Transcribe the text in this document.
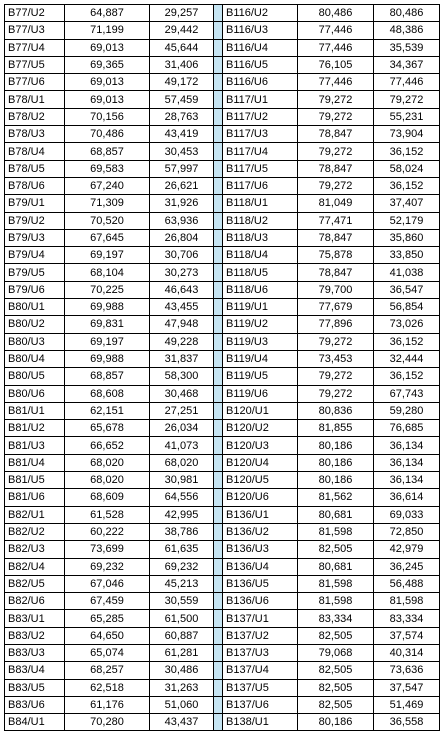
B77/U2	64,887	29,257		B116/U2	80,486	80,486
B77/U3	71,199	29,442		B116/U3	77,446	48,386
B77/U4	69,013	45,644		B116/U4	77,446	35,539
B77/U5	69,365	31,406		B116/U5	76,105	34,367
B77/U6	69,013	49,172		B116/U6	77,446	77,446
B78/U1	69,013	57,459		B117/U1	79,272	79,272
B78/U2	70,156	28,763		B117/U2	79,272	55,231
B78/U3	70,486	43,419		B117/U3	78,847	73,904
B78/U4	68,857	30,453		B117/U4	79,272	36,152
B78/U5	69,583	57,997		B117/U5	78,847	58,024
B78/U6	67,240	26,621		B117/U6	79,272	36,152
B79/U1	71,309	31,926		B118/U1	81,049	37,407
B79/U2	70,520	63,936		B118/U2	77,471	52,179
B79/U3	67,645	26,804		B118/U3	78,847	35,860
B79/U4	69,197	30,706		B118/U4	75,878	33,850
B79/U5	68,104	30,273		B118/U5	78,847	41,038
B79/U6	70,225	46,643		B118/U6	79,700	36,547
B80/U1	69,988	43,455		B119/U1	77,679	56,854
B80/U2	69,831	47,948		B119/U2	77,896	73,026
B80/U3	69,197	49,228		B119/U3	79,272	36,152
B80/U4	69,988	31,837		B119/U4	73,453	32,444
B80/U5	68,857	58,300		B119/U5	79,272	36,152
B80/U6	68,608	30,468		B119/U6	79,272	67,743
B81/U1	62,151	27,251		B120/U1	80,836	59,280
B81/U2	65,678	26,034		B120/U2	81,855	76,685
B81/U3	66,652	41,073		B120/U3	80,186	36,134
B81/U4	68,020	68,020		B120/U4	80,186	36,134
B81/U5	68,020	30,981		B120/U5	80,186	36,134
B81/U6	68,609	64,556		B120/U6	81,562	36,614
B82/U1	61,528	42,995		B136/U1	80,681	69,033
B82/U2	60,222	38,786		B136/U2	81,598	72,850
B82/U3	73,699	61,635		B136/U3	82,505	42,979
B82/U4	69,232	69,232		B136/U4	80,681	36,245
B82/U5	67,046	45,213		B136/U5	81,598	56,488
B82/U6	67,459	30,559		B136/U6	81,598	81,598
B83/U1	65,285	61,500		B137/U1	83,334	83,334
B83/U2	64,650	60,887		B137/U2	82,505	37,574
B83/U3	65,074	61,281		B137/U3	79,068	40,314
B83/U4	68,257	30,486		B137/U4	82,505	73,636
B83/U5	62,518	31,263		B137/U5	82,505	37,547
B83/U6	61,176	51,060		B137/U6	82,505	51,469
B84/U1	70,280	43,437		B138/U1	80,186	36,558
